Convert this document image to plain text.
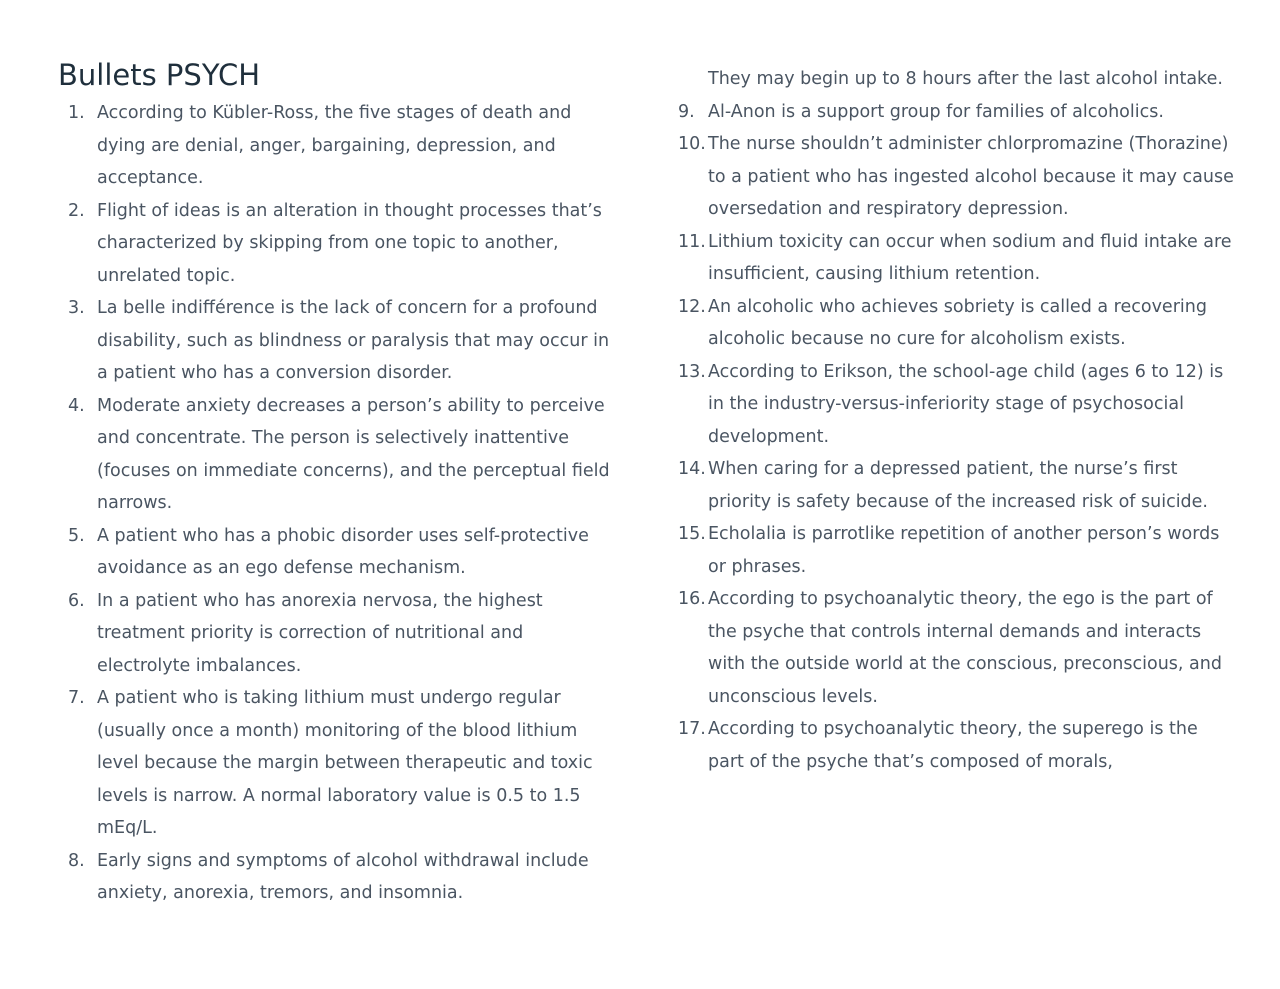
Bullets PSYCH
1. According to Kübler-Ross, the five stages of death and dying are denial, anger, bargaining, depression, and acceptance.
2. Flight of ideas is an alteration in thought processes that’s characterized by skipping from one topic to another, unrelated topic.
3. La belle indifférence is the lack of concern for a profound disability, such as blindness or paralysis that may occur in a patient who has a conversion disorder.
4. Moderate anxiety decreases a person’s ability to perceive and concentrate. The person is selectively inattentive (focuses on immediate concerns), and the perceptual field narrows.
5. A patient who has a phobic disorder uses self-protective avoidance as an ego defense mechanism.
6. In a patient who has anorexia nervosa, the highest treatment priority is correction of nutritional and electrolyte imbalances.
7. A patient who is taking lithium must undergo regular (usually once a month) monitoring of the blood lithium level because the margin between therapeutic and toxic levels is narrow. A normal laboratory value is 0.5 to 1.5 mEq/L.
8. Early signs and symptoms of alcohol withdrawal include anxiety, anorexia, tremors, and insomnia.
They may begin up to 8 hours after the last alcohol intake.
9. Al-Anon is a support group for families of alcoholics.
10. The nurse shouldn’t administer chlorpromazine (Thorazine) to a patient who has ingested alcohol because it may cause oversedation and respiratory depression.
11. Lithium toxicity can occur when sodium and fluid intake are insufficient, causing lithium retention.
12. An alcoholic who achieves sobriety is called a recovering alcoholic because no cure for alcoholism exists.
13. According to Erikson, the school-age child (ages 6 to 12) is in the industry-versus-inferiority stage of psychosocial development.
14. When caring for a depressed patient, the nurse’s first priority is safety because of the increased risk of suicide.
15. Echolalia is parrotlike repetition of another person’s words or phrases.
16. According to psychoanalytic theory, the ego is the part of the psyche that controls internal demands and interacts with the outside world at the conscious, preconscious, and unconscious levels.
17. According to psychoanalytic theory, the superego is the part of the psyche that’s composed of morals,
